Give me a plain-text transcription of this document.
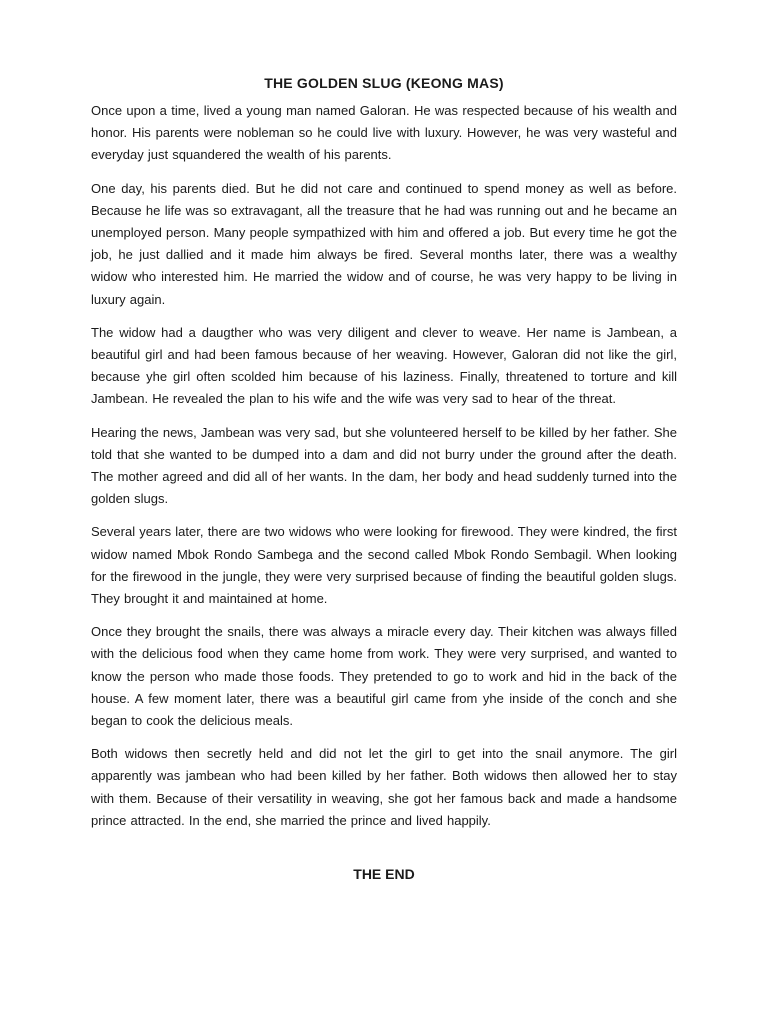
THE GOLDEN SLUG (KEONG MAS)

Once upon a time, lived a young man named Galoran. He was respected because of his wealth and honor. His parents were nobleman so he could live with luxury. However, he was very wasteful and everyday just squandered the wealth of his parents.

One day, his parents died. But he did not care and continued to spend money as well as before. Because he life was so extravagant, all the treasure that he had was running out and he became an unemployed person. Many people sympathized with him and offered a job. But every time he got the job, he just dallied and it made him always be fired. Several months later, there was a wealthy widow who interested him. He married the widow and of course, he was very happy to be living in luxury again.

The widow had a daugther who was very diligent and clever to weave. Her name is Jambean, a beautiful girl and had been famous because of her weaving. However, Galoran did not like the girl, because yhe girl often scolded him because of his laziness. Finally, threatened to torture and kill Jambean. He revealed the plan to his wife and the wife was very sad to hear of the threat.

Hearing the news, Jambean was very sad, but she volunteered herself to be killed by her father. She told that she wanted to be dumped into a dam and did not burry under the ground after the death. The mother agreed and did all of her wants. In the dam, her body and head suddenly turned into the golden slugs.

Several years later, there are two widows who were looking for firewood. They were kindred, the first widow named Mbok Rondo Sambega and the second called Mbok Rondo Sembagil. When looking for the firewood in the jungle, they were very surprised because of finding the beautiful golden slugs. They brought it and maintained at home.

Once they brought the snails, there was always a miracle every day. Their kitchen was always filled with the delicious food when they came home from work. They were very surprised, and wanted to know the person who made those foods. They pretended to go to work and hid in the back of the house. A few moment later, there was a beautiful girl came from yhe inside of the conch and she began to cook the delicious meals.

Both widows then secretly held and did not let the girl to get into the snail anymore. The girl apparently was jambean who had been killed by her father. Both widows then allowed her to stay with them. Because of their versatility in weaving, she got her famous back and made a handsome prince attracted. In the end, she married the prince and lived happily.

THE END
